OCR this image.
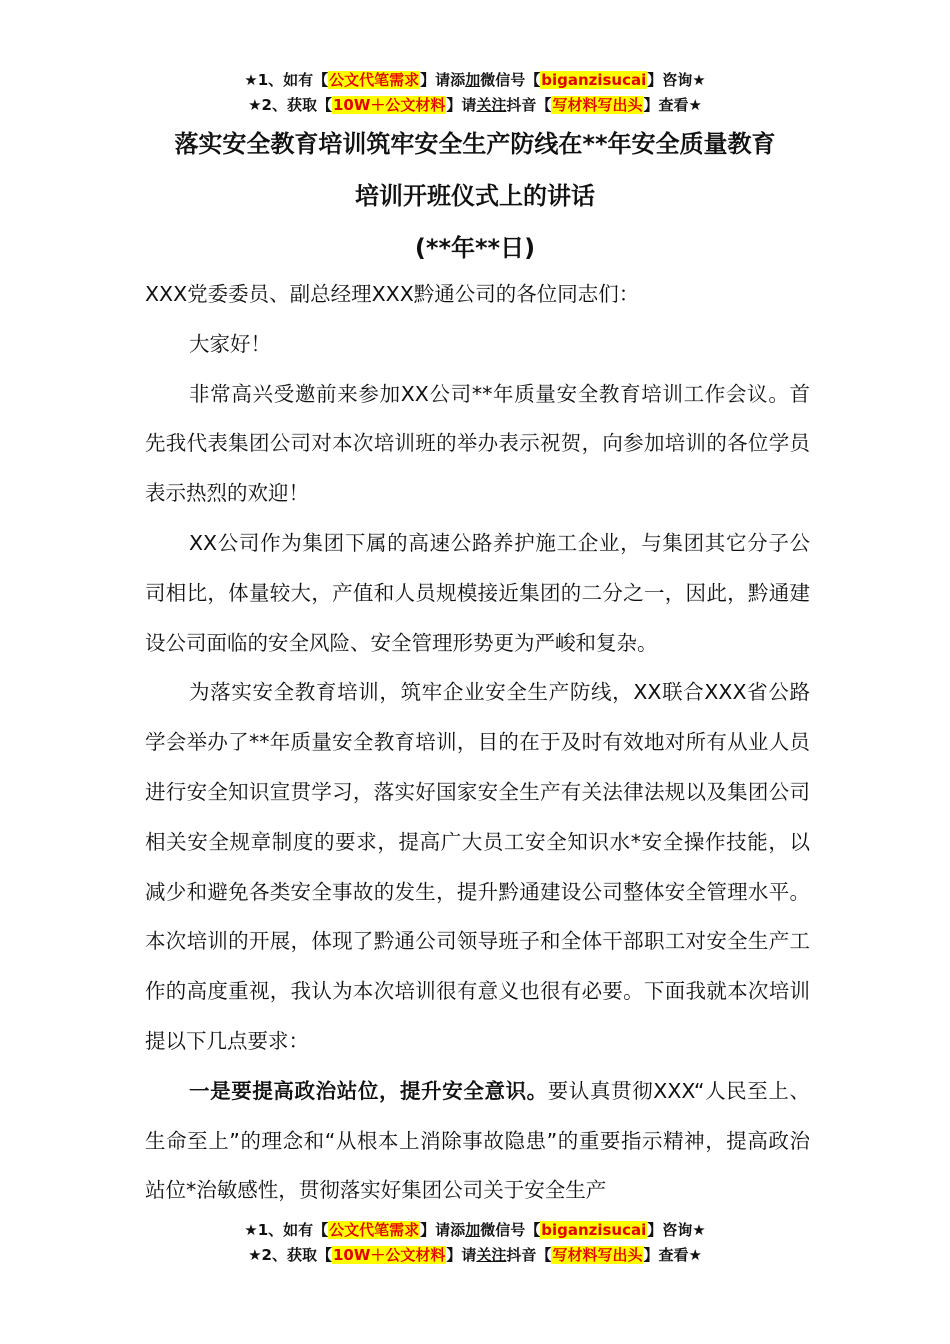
★1、如有【公文代笔需求】请添加微信号【biganzisucai】咨询★
★2、获取【10W＋公文材料】请关注抖音【写材料写出头】查看★
落实安全教育培训筑牢安全生产防线在**年安全质量教育
培训开班仪式上的讲话
(**年**日)

XXX党委委员、副总经理XXX黔通公司的各位同志们：

大家好！

非常高兴受邀前来参加XX公司**年质量安全教育培训工作会议。首先我代表集团公司对本次培训班的举办表示祝贺，向参加培训的各位学员表示热烈的欢迎！

XX公司作为集团下属的高速公路养护施工企业，与集团其它分子公司相比，体量较大，产值和人员规模接近集团的二分之一，因此，黔通建设公司面临的安全风险、安全管理形势更为严峻和复杂。

为落实安全教育培训，筑牢企业安全生产防线，XX联合XXX省公路学会举办了**年质量安全教育培训，目的在于及时有效地对所有从业人员进行安全知识宣贯学习，落实好国家安全生产有关法律法规以及集团公司相关安全规章制度的要求，提高广大员工安全知识水*安全操作技能，以减少和避免各类安全事故的发生，提升黔通建设公司整体安全管理水平。本次培训的开展，体现了黔通公司领导班子和全体干部职工对安全生产工作的高度重视，我认为本次培训很有意义也很有必要。下面我就本次培训提以下几点要求：

一是要提高政治站位，提升安全意识。要认真贯彻XXX“人民至上、生命至上”的理念和“从根本上消除事故隐患”的重要指示精神，提高政治站位*治敏感性，贯彻落实好集团公司关于安全生产

★1、如有【公文代笔需求】请添加微信号【biganzisucai】咨询★
★2、获取【10W＋公文材料】请关注抖音【写材料写出头】查看★
